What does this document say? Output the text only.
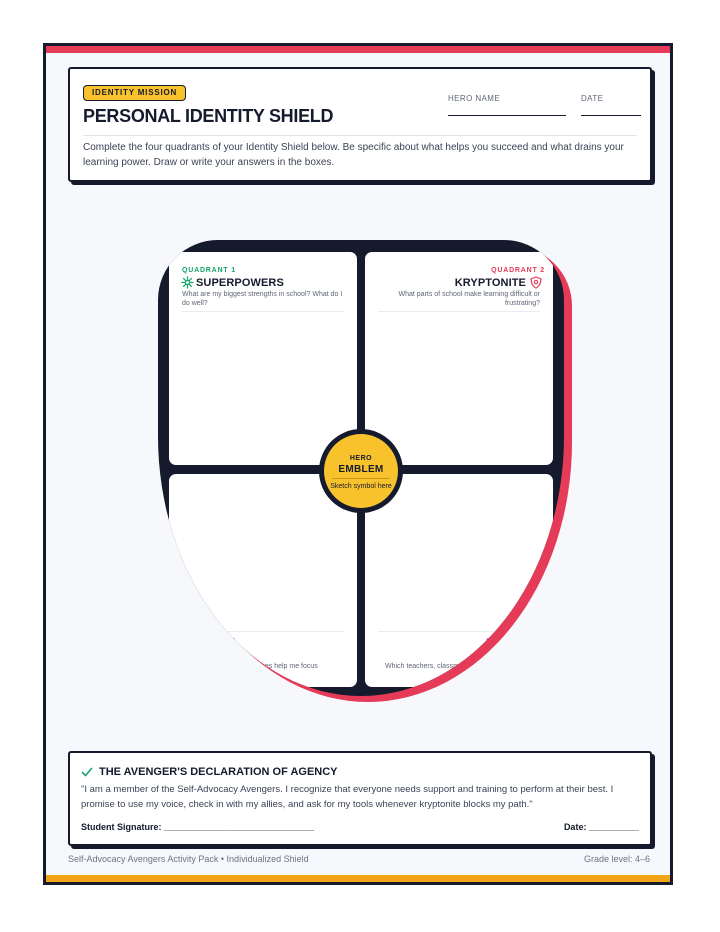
IDENTITY MISSION
PERSONAL IDENTITY SHIELD
HERO NAME	DATE
Complete the four quadrants of your Identity Shield below. Be specific about what helps you succeed and what drains your learning power. Draw or write your answers in the boxes.
QUADRANT 1
SUPERPOWERS
What are my biggest strengths in school? What do I do well?
QUADRANT 2
KRYPTONITE
What parts of school make learning difficult or frustrating?
QUADRANT 3
GADGETS
What tools, tricks, or routines help me focus
QUADRANT 4
MY ALLIES
Which teachers, classmates
HERO
EMBLEM
Sketch symbol here
THE AVENGER'S DECLARATION OF AGENCY
"I am a member of the Self-Advocacy Avengers. I recognize that everyone needs support and training to perform at their best. I promise to use my voice, check in with my allies, and ask for my tools whenever kryptonite blocks my path."
Student Signature: ______________________________	Date: __________
Self-Advocacy Avengers Activity Pack • Individualized Shield	Grade level: 4–6
